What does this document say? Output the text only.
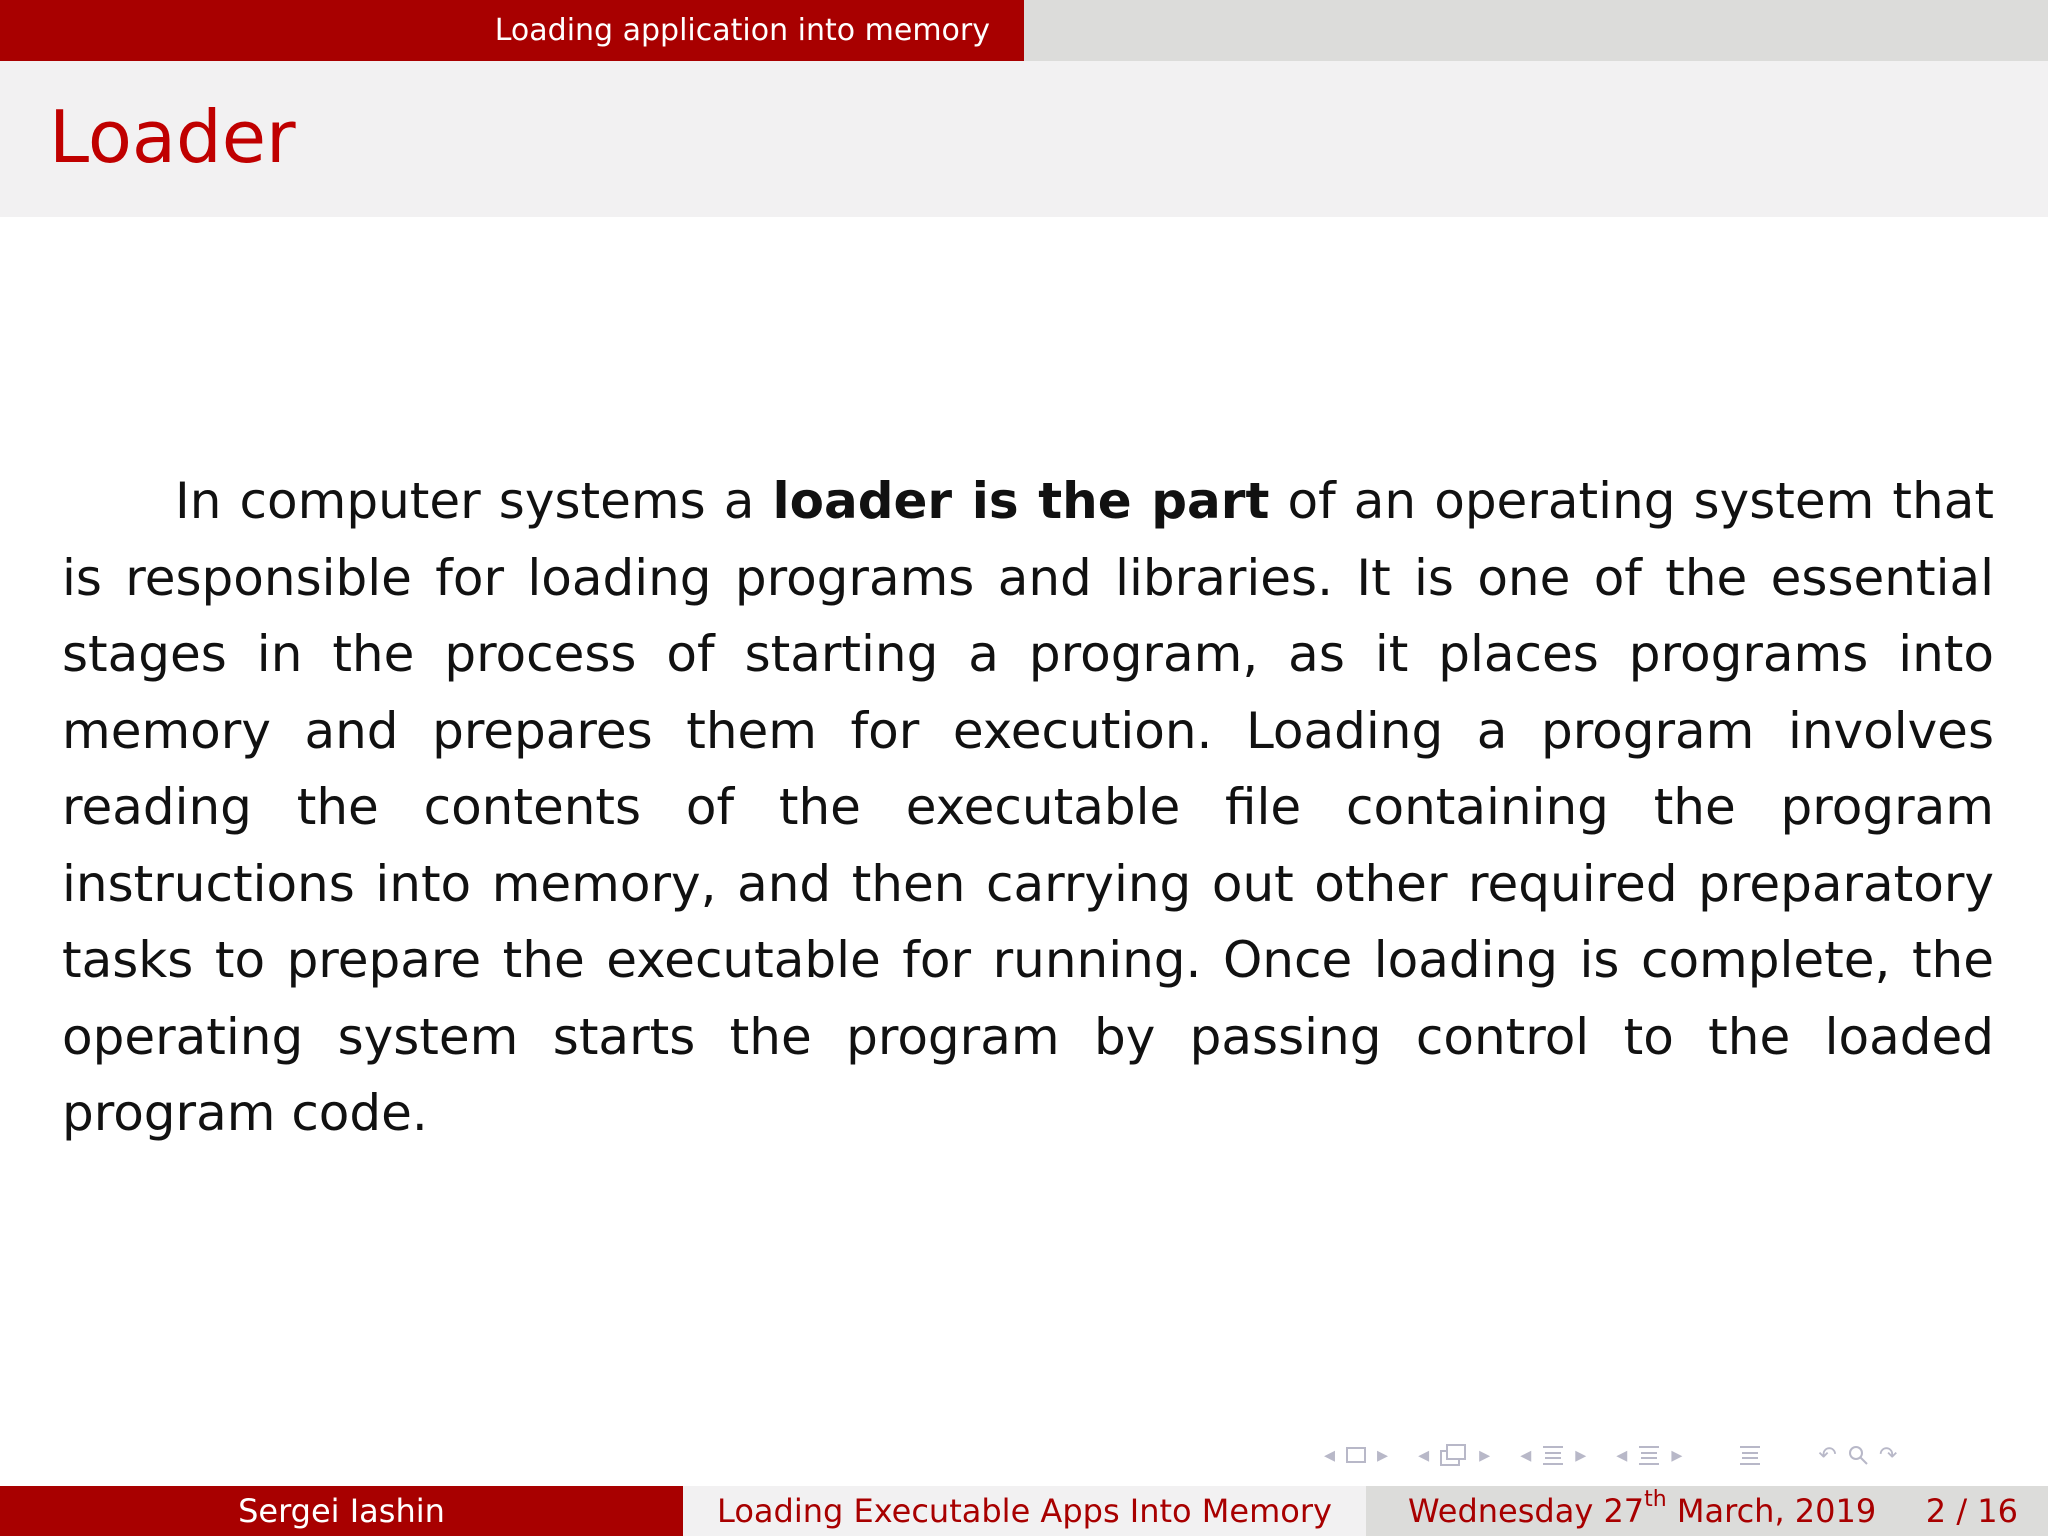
Loading application into memory
Loader

In computer systems a loader is the part of an operating system that is responsible for loading programs and libraries. It is one of the essential stages in the process of starting a program, as it places programs into memory and prepares them for execution. Loading a program involves reading the contents of the executable file containing the program instructions into memory, and then carrying out other required preparatory tasks to prepare the executable for running. Once loading is complete, the operating system starts the program by passing control to the loaded program code.

◂ ▸ ◂ ▸ ◂ ▸ ◂ ▸	↶ ↷
Sergei Iashin	Loading Executable Apps Into Memory	Wednesday 27th March, 2019 2 / 16
